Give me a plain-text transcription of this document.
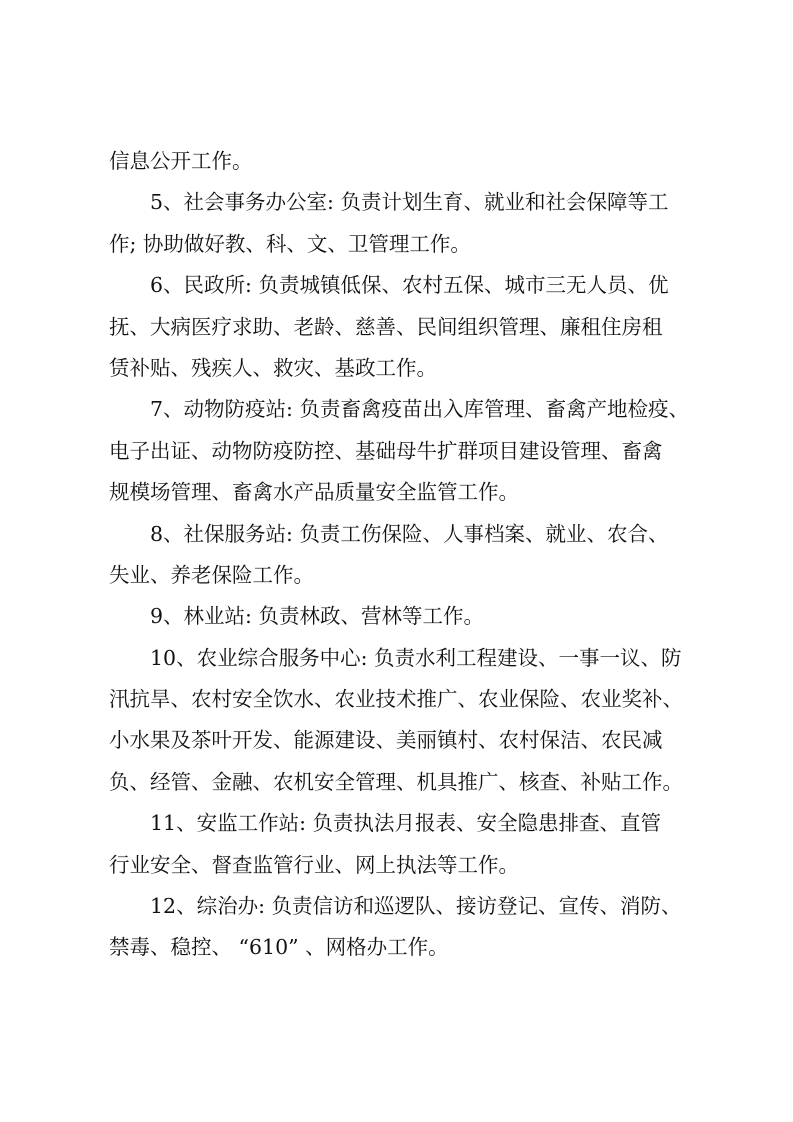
信息公开工作。
5、社会事务办公室: 负责计划生育、就业和社会保障等工
作; 协助做好教、科、文、卫管理工作。
6、民政所: 负责城镇低保、农村五保、城市三无人员、优
抚、大病医疗求助、老龄、慈善、民间组织管理、廉租住房租
赁补贴、残疾人、救灾、基政工作。
7、动物防疫站: 负责畜禽疫苗出入库管理、畜禽产地检疫、
电子出证、动物防疫防控、基础母牛扩群项目建设管理、畜禽
规模场管理、畜禽水产品质量安全监管工作。
8、社保服务站: 负责工伤保险、人事档案、就业、农合、
失业、养老保险工作。
9、林业站: 负责林政、营林等工作。
10、农业综合服务中心: 负责水利工程建设、一事一议、防
汛抗旱、农村安全饮水、农业技术推广、农业保险、农业奖补、
小水果及茶叶开发、能源建设、美丽镇村、农村保洁、农民减
负、经管、金融、农机安全管理、机具推广、核查、补贴工作。
11、安监工作站: 负责执法月报表、安全隐患排查、直管
行业安全、督查监管行业、网上执法等工作。
12、综治办: 负责信访和巡逻队、接访登记、宣传、消防、
禁毒、稳控、 “610” 、网格办工作。
